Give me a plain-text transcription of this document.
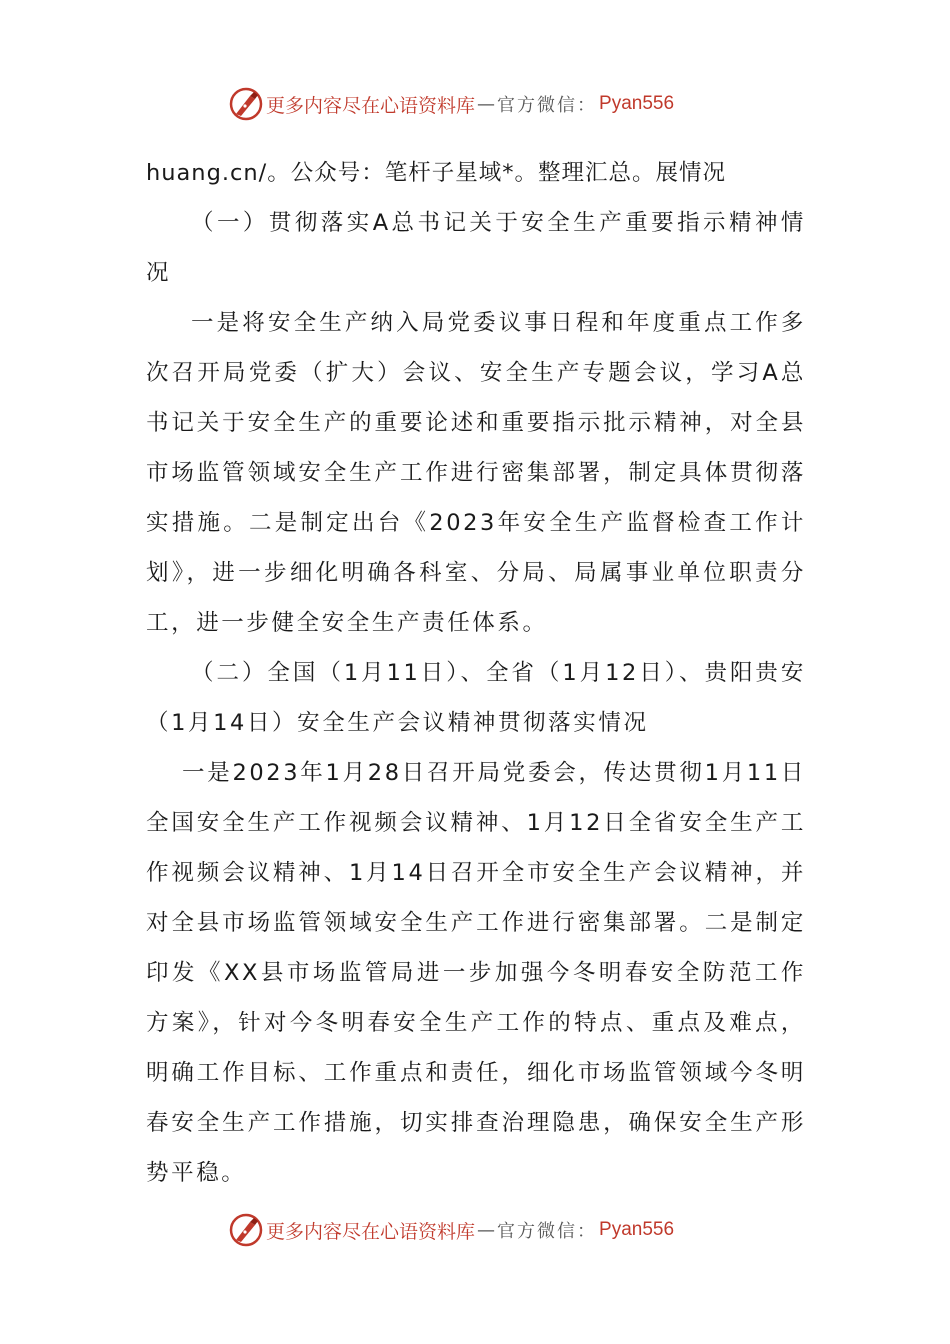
更多内容尽在心语资料库 — 官方微信： Pyan556

huang.cn/。公众号：笔杆子星域*。整理汇总。展情况

（一）贯彻落实A总书记关于安全生产重要指示精神情况

一是将安全生产纳入局党委议事日程和年度重点工作多次召开局党委（扩大）会议、安全生产专题会议，学习A总书记关于安全生产的重要论述和重要指示批示精神，对全县市场监管领域安全生产工作进行密集部署，制定具体贯彻落实措施。二是制定出台《2023年安全生产监督检查工作计划》，进一步细化明确各科室、分局、局属事业单位职责分工，进一步健全安全生产责任体系。

（二）全国（1月11日）、全省（1月12日）、贵阳贵安（1月14日）安全生产会议精神贯彻落实情况

一是2023年1月28日召开局党委会，传达贯彻1月11日全国安全生产工作视频会议精神、1月12日全省安全生产工作视频会议精神、1月14日召开全市安全生产会议精神，并对全县市场监管领域安全生产工作进行密集部署。二是制定印发《XX县市场监管局进一步加强今冬明春安全防范工作方案》，针对今冬明春安全生产工作的特点、重点及难点，明确工作目标、工作重点和责任，细化市场监管领域今冬明春安全生产工作措施，切实排查治理隐患，确保安全生产形势平稳。

更多内容尽在心语资料库 — 官方微信： Pyan556
